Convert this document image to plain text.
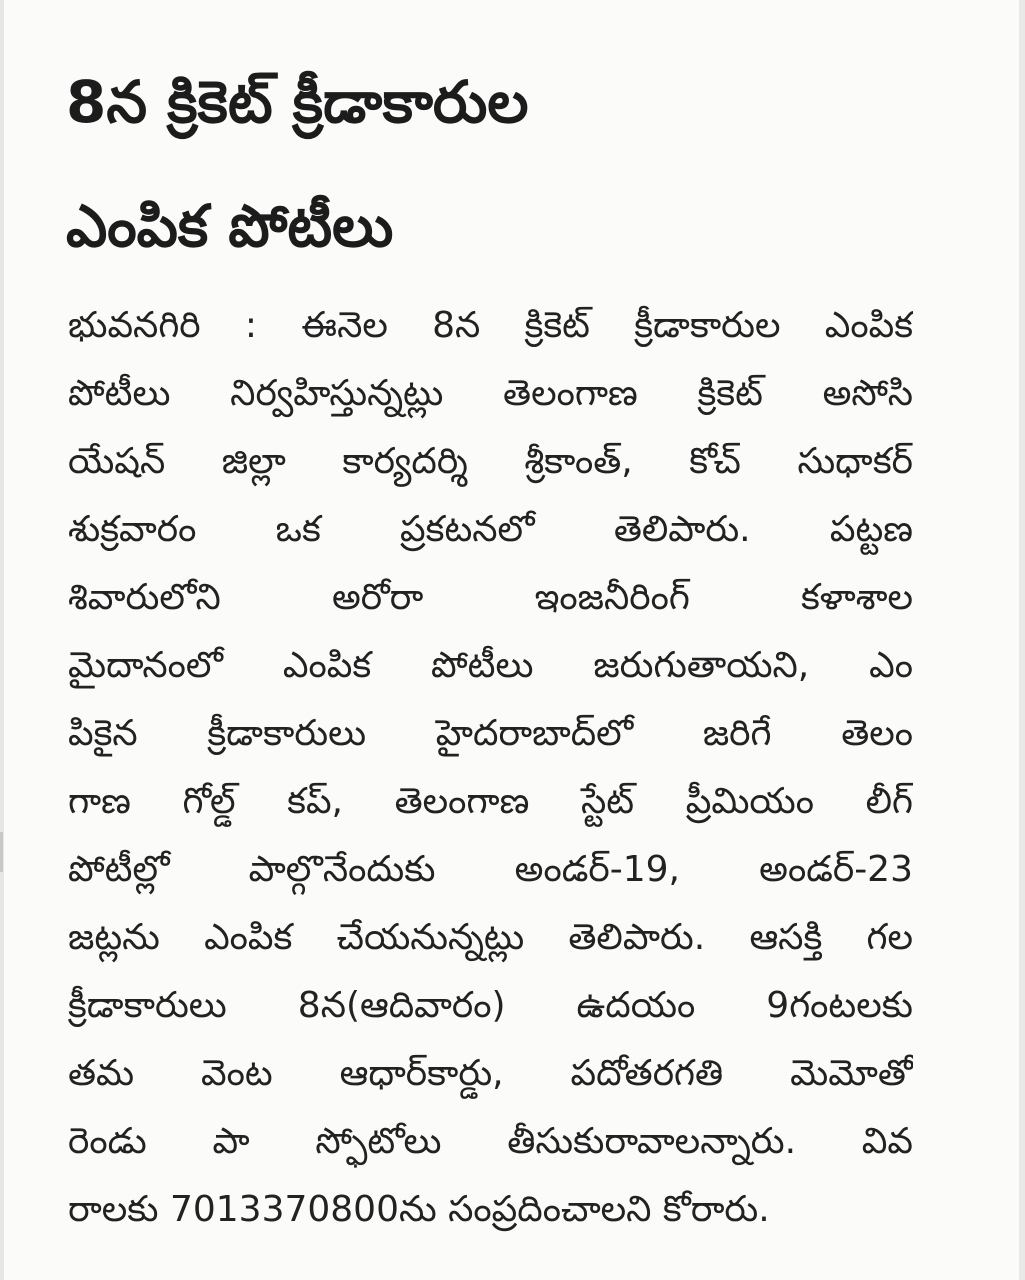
8న క్రికెట్ క్రీడాకారుల
ఎంపిక పోటీలు
భువనగిరి : ఈనెల 8న క్రికెట్ క్రీడాకారుల ఎంపిక
పోటీలు నిర్వహిస్తున్నట్లు తెలంగాణ క్రికెట్ అసోసి
యేషన్ జిల్లా కార్యదర్శి శ్రీకాంత్, కోచ్ సుధాకర్
శుక్రవారం ఒక ప్రకటనలో తెలిపారు. పట్టణ
శివారులోని అరోరా ఇంజనీరింగ్ కళాశాల
మైదానంలో ఎంపిక పోటీలు జరుగుతాయని, ఎం
పికైన క్రీడాకారులు హైదరాబాద్‌లో జరిగే తెలం
గాణ గోల్డ్ కప్, తెలంగాణ స్టేట్ ప్రీమియం లీగ్
పోటీల్లో పాల్గొనేందుకు అండర్-19, అండర్-23
జట్లను ఎంపిక చేయనున్నట్లు తెలిపారు. ఆసక్తి గల
క్రీడాకారులు 8న(ఆదివారం) ఉదయం 9గంటలకు
తమ వెంట ఆధార్‌కార్డు, పదోతరగతి మెమోతో
రెండు పా స్ఫోటోలు తీసుకురావాలన్నారు. వివ
రాలకు 7013370800ను సంప్రదించాలని కోరారు.
